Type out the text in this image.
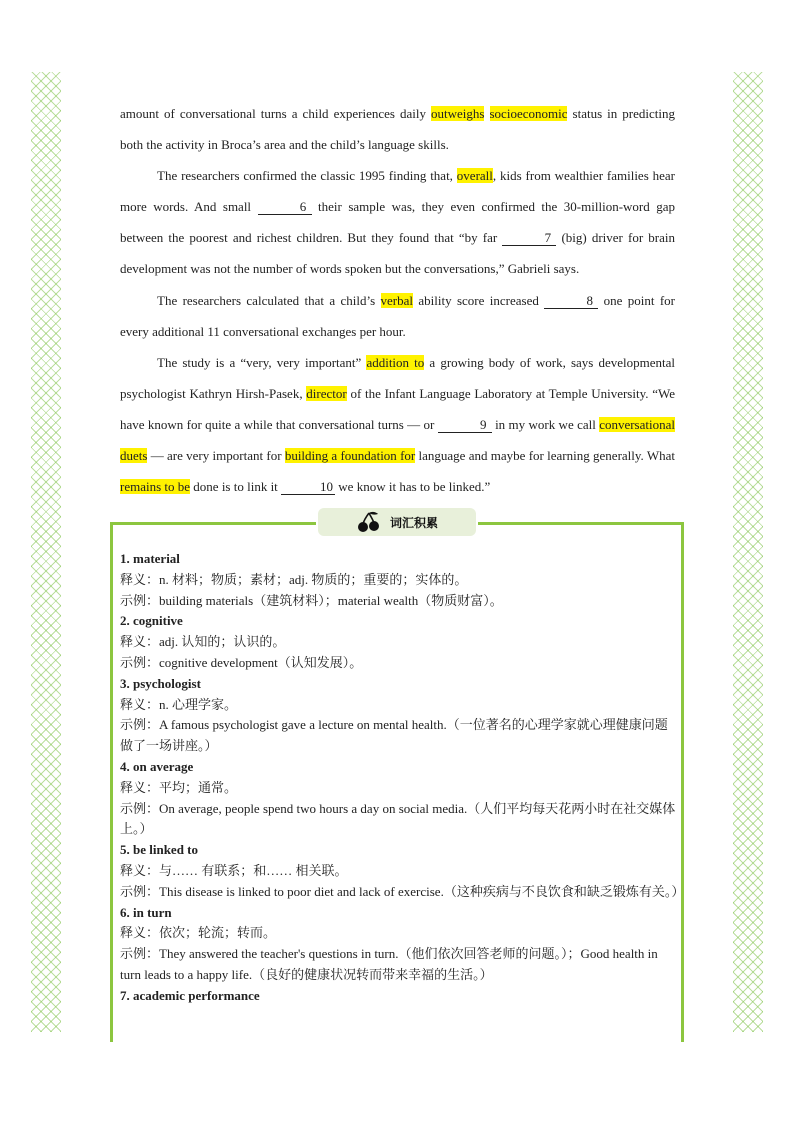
amount of conversational turns a child experiences daily outweighs socioeconomic status in predicting both the activity in Broca’s area and the child’s language skills.

The researchers confirmed the classic 1995 finding that, overall, kids from wealthier families hear more words. And small	6 their sample was, they even confirmed the 30-million-word gap between the poorest and richest children. But they found that “by far	7 (big) driver for brain development was not the number of words spoken but the conversations,” Gabrieli says.

The researchers calculated that a child’s verbal ability score increased	8 one point for every additional 11 conversational exchanges per hour.

The study is a “very, very important” addition to a growing body of work, says developmental psychologist Kathryn Hirsh-Pasek, director of the Infant Language Laboratory at Temple University. “We have known for quite a while that conversational turns — or	9 in my work we call conversational duets — are very important for building a foundation for language and maybe for learning generally. What remains to be done is to link it	10 we know it has to be linked.”

词汇积累
1. material
释义：n. 材料；物质；素材；adj. 物质的；重要的；实体的。
示例：building materials（建筑材料）；material wealth（物质财富）。
2. cognitive
释义：adj. 认知的；认识的。
示例：cognitive development（认知发展）。
3. psychologist
释义：n. 心理学家。
示例：A famous psychologist gave a lecture on mental health.（一位著名的心理学家就心理健康问题做了一场讲座。）
4. on average
释义：平均；通常。
示例：On average, people spend two hours a day on social media.（人们平均每天花两小时在社交媒体上。）
5. be linked to
释义：与…… 有联系；和…… 相关联。
示例：This disease is linked to poor diet and lack of exercise.（这种疾病与不良饮食和缺乏锻炼有关。）
6. in turn
释义：依次；轮流；转而。
示例：They answered the teacher's questions in turn.（他们依次回答老师的问题。）；Good health in turn leads to a happy life.（良好的健康状况转而带来幸福的生活。）
7. academic performance
